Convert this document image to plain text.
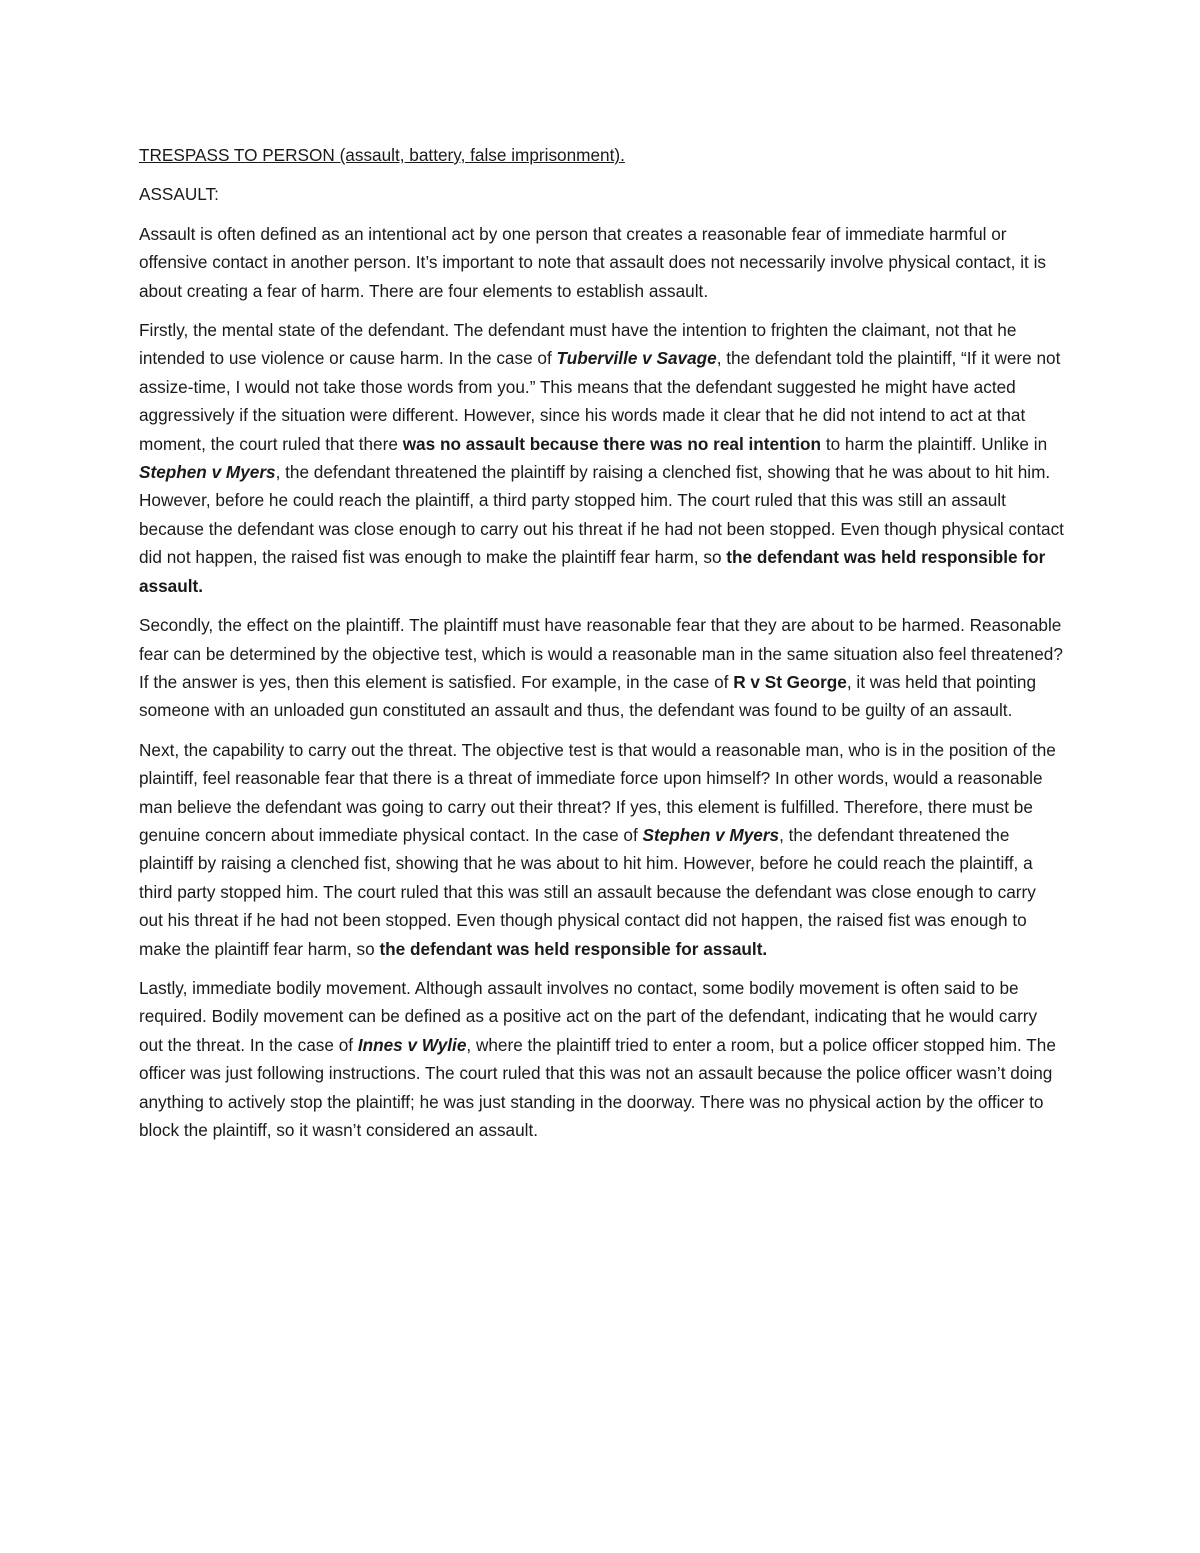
TRESPASS TO PERSON (assault, battery, false imprisonment).
ASSAULT:

Assault is often defined as an intentional act by one person that creates a reasonable fear of immediate harmful or offensive contact in another person. It’s important to note that assault does not necessarily involve physical contact, it is about creating a fear of harm. There are four elements to establish assault.

Firstly, the mental state of the defendant. The defendant must have the intention to frighten the claimant, not that he intended to use violence or cause harm. In the case of Tuberville v Savage, the defendant told the plaintiff, “If it were not assize-time, I would not take those words from you.” This means that the defendant suggested he might have acted aggressively if the situation were different. However, since his words made it clear that he did not intend to act at that moment, the court ruled that there was no assault because there was no real intention to harm the plaintiff. Unlike in Stephen v Myers, the defendant threatened the plaintiff by raising a clenched fist, showing that he was about to hit him. However, before he could reach the plaintiff, a third party stopped him. The court ruled that this was still an assault because the defendant was close enough to carry out his threat if he had not been stopped. Even though physical contact did not happen, the raised fist was enough to make the plaintiff fear harm, so the defendant was held responsible for assault.

Secondly, the effect on the plaintiff. The plaintiff must have reasonable fear that they are about to be harmed. Reasonable fear can be determined by the objective test, which is would a reasonable man in the same situation also feel threatened? If the answer is yes, then this element is satisfied. For example, in the case of R v St George, it was held that pointing someone with an unloaded gun constituted an assault and thus, the defendant was found to be guilty of an assault.

Next, the capability to carry out the threat. The objective test is that would a reasonable man, who is in the position of the plaintiff, feel reasonable fear that there is a threat of immediate force upon himself? In other words, would a reasonable man believe the defendant was going to carry out their threat? If yes, this element is fulfilled. Therefore, there must be genuine concern about immediate physical contact. In the case of Stephen v Myers, the defendant threatened the plaintiff by raising a clenched fist, showing that he was about to hit him. However, before he could reach the plaintiff, a third party stopped him. The court ruled that this was still an assault because the defendant was close enough to carry out his threat if he had not been stopped. Even though physical contact did not happen, the raised fist was enough to make the plaintiff fear harm, so the defendant was held responsible for assault.

Lastly, immediate bodily movement. Although assault involves no contact, some bodily movement is often said to be required. Bodily movement can be defined as a positive act on the part of the defendant, indicating that he would carry out the threat. In the case of Innes v Wylie, where the plaintiff tried to enter a room, but a police officer stopped him. The officer was just following instructions. The court ruled that this was not an assault because the police officer wasn’t doing anything to actively stop the plaintiff; he was just standing in the doorway. There was no physical action by the officer to block the plaintiff, so it wasn’t considered an assault.
